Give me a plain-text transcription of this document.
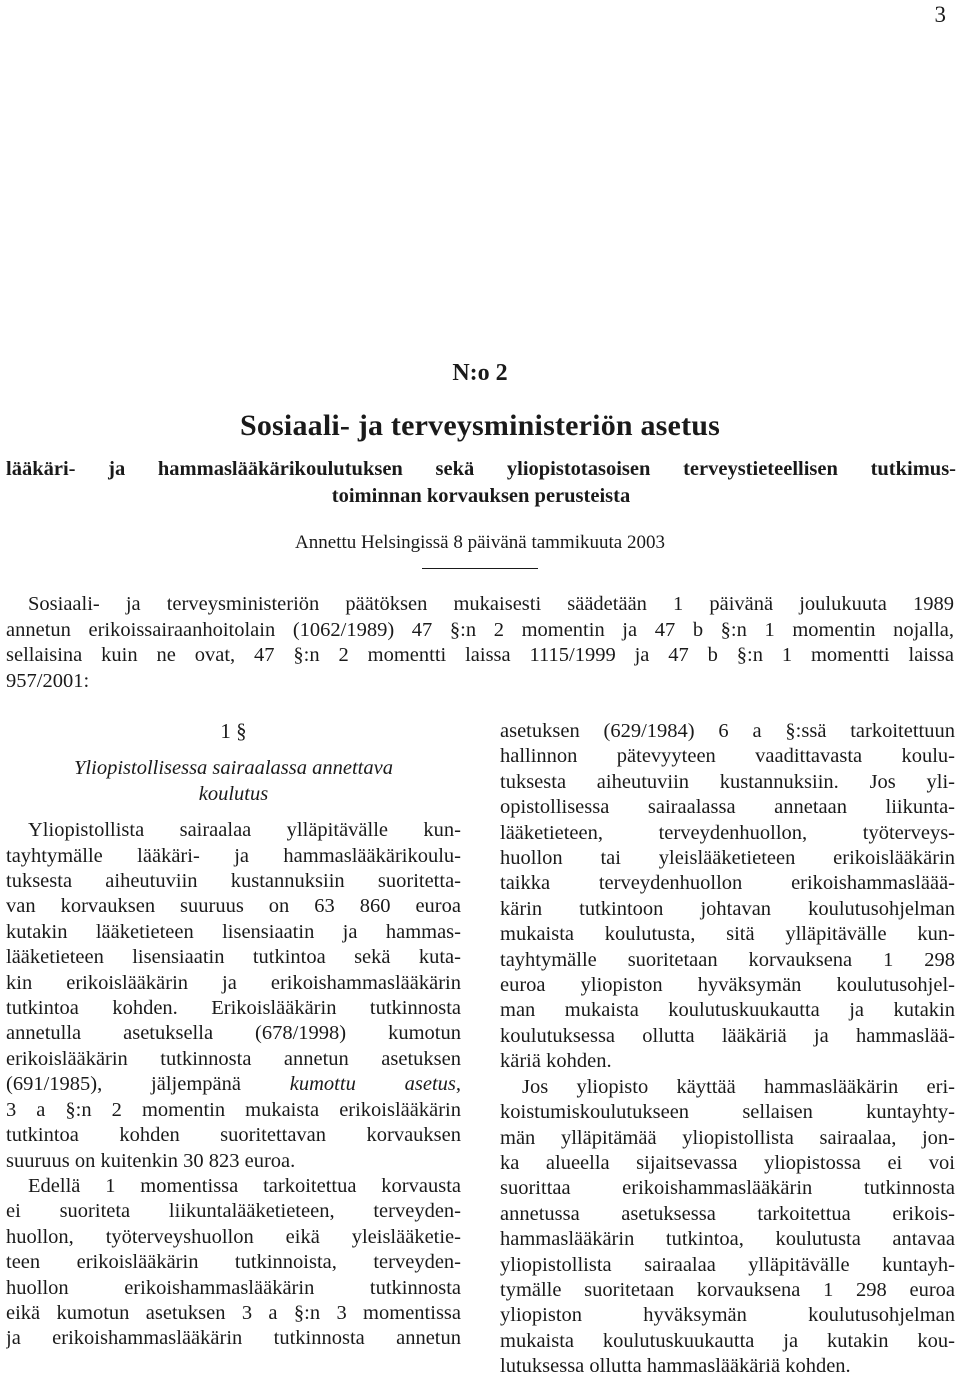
3
N:o 2
Sosiaali- ja terveysministeriön asetus
lääkäri- ja hammaslääkärikoulutuksen sekä yliopistotasoisen terveystieteellisen tutkimus-
toiminnan korvauksen perusteista
Annettu Helsingissä 8 päivänä tammikuuta 2003
Sosiaali- ja terveysministeriön päätöksen mukaisesti säädetään 1 päivänä joulukuuta 1989
annetun erikoissairaanhoitolain (1062/1989) 47 §:n 2 momentin ja 47 b §:n 1 momentin nojalla,
sellaisina kuin ne ovat, 47 §:n 2 momentti laissa 1115/1999 ja 47 b §:n 1 momentti laissa
957/2001:
1 §
Yliopistollisessa sairaalassa annettava
koulutus
Yliopistollista sairaalaa ylläpitävälle kun-
tayhtymälle lääkäri- ja hammaslääkärikoulu-
tuksesta aiheutuviin kustannuksiin suoritetta-
van korvauksen suuruus on 63 860 euroa
kutakin lääketieteen lisensiaatin ja hammas-
lääketieteen lisensiaatin tutkintoa sekä kuta-
kin erikoislääkärin ja erikoishammaslääkärin
tutkintoa kohden. Erikoislääkärin tutkinnosta
annetulla asetuksella (678/1998) kumotun
erikoislääkärin tutkinnosta annetun asetuksen
(691/1985), jäljempänä kumottu asetus,
3 a §:n 2 momentin mukaista erikoislääkärin
tutkintoa kohden suoritettavan korvauksen
suuruus on kuitenkin 30 823 euroa.
Edellä 1 momentissa tarkoitettua korvausta
ei suoriteta liikuntalääketieteen, terveyden-
huollon, työterveyshuollon eikä yleislääketie-
teen erikoislääkärin tutkinnoista, terveyden-
huollon erikoishammaslääkärin tutkinnosta
eikä kumotun asetuksen 3 a §:n 3 momentissa
ja erikoishammaslääkärin tutkinnosta annetun
asetuksen (629/1984) 6 a §:ssä tarkoitettuun
hallinnon pätevyyteen vaadittavasta koulu-
tuksesta aiheutuviin kustannuksiin. Jos yli-
opistollisessa sairaalassa annetaan liikunta-
lääketieteen, terveydenhuollon, työterveys-
huollon tai yleislääketieteen erikoislääkärin
taikka terveydenhuollon erikoishammasläää-
kärin tutkintoon johtavan koulutusohjelman
mukaista koulutusta, sitä ylläpitävälle kun-
tayhtymälle suoritetaan korvauksena 1 298
euroa yliopiston hyväksymän koulutusohjel-
man mukaista koulutuskuukautta ja kutakin
koulutuksessa ollutta lääkäriä ja hammaslää-
käriä kohden.
Jos yliopisto käyttää hammaslääkärin eri-
koistumiskoulutukseen sellaisen kuntayhty-
män ylläpitämää yliopistollista sairaalaa, jon-
ka alueella sijaitsevassa yliopistossa ei voi
suorittaa erikoishammaslääkärin tutkinnosta
annetussa asetuksessa tarkoitettua erikois-
hammaslääkärin tutkintoa, koulutusta antavaa
yliopistollista sairaalaa ylläpitävälle kuntayh-
tymälle suoritetaan korvauksena 1 298 euroa
yliopiston hyväksymän koulutusohjelman
mukaista koulutuskuukautta ja kutakin kou-
lutuksessa ollutta hammaslääkäriä kohden.
